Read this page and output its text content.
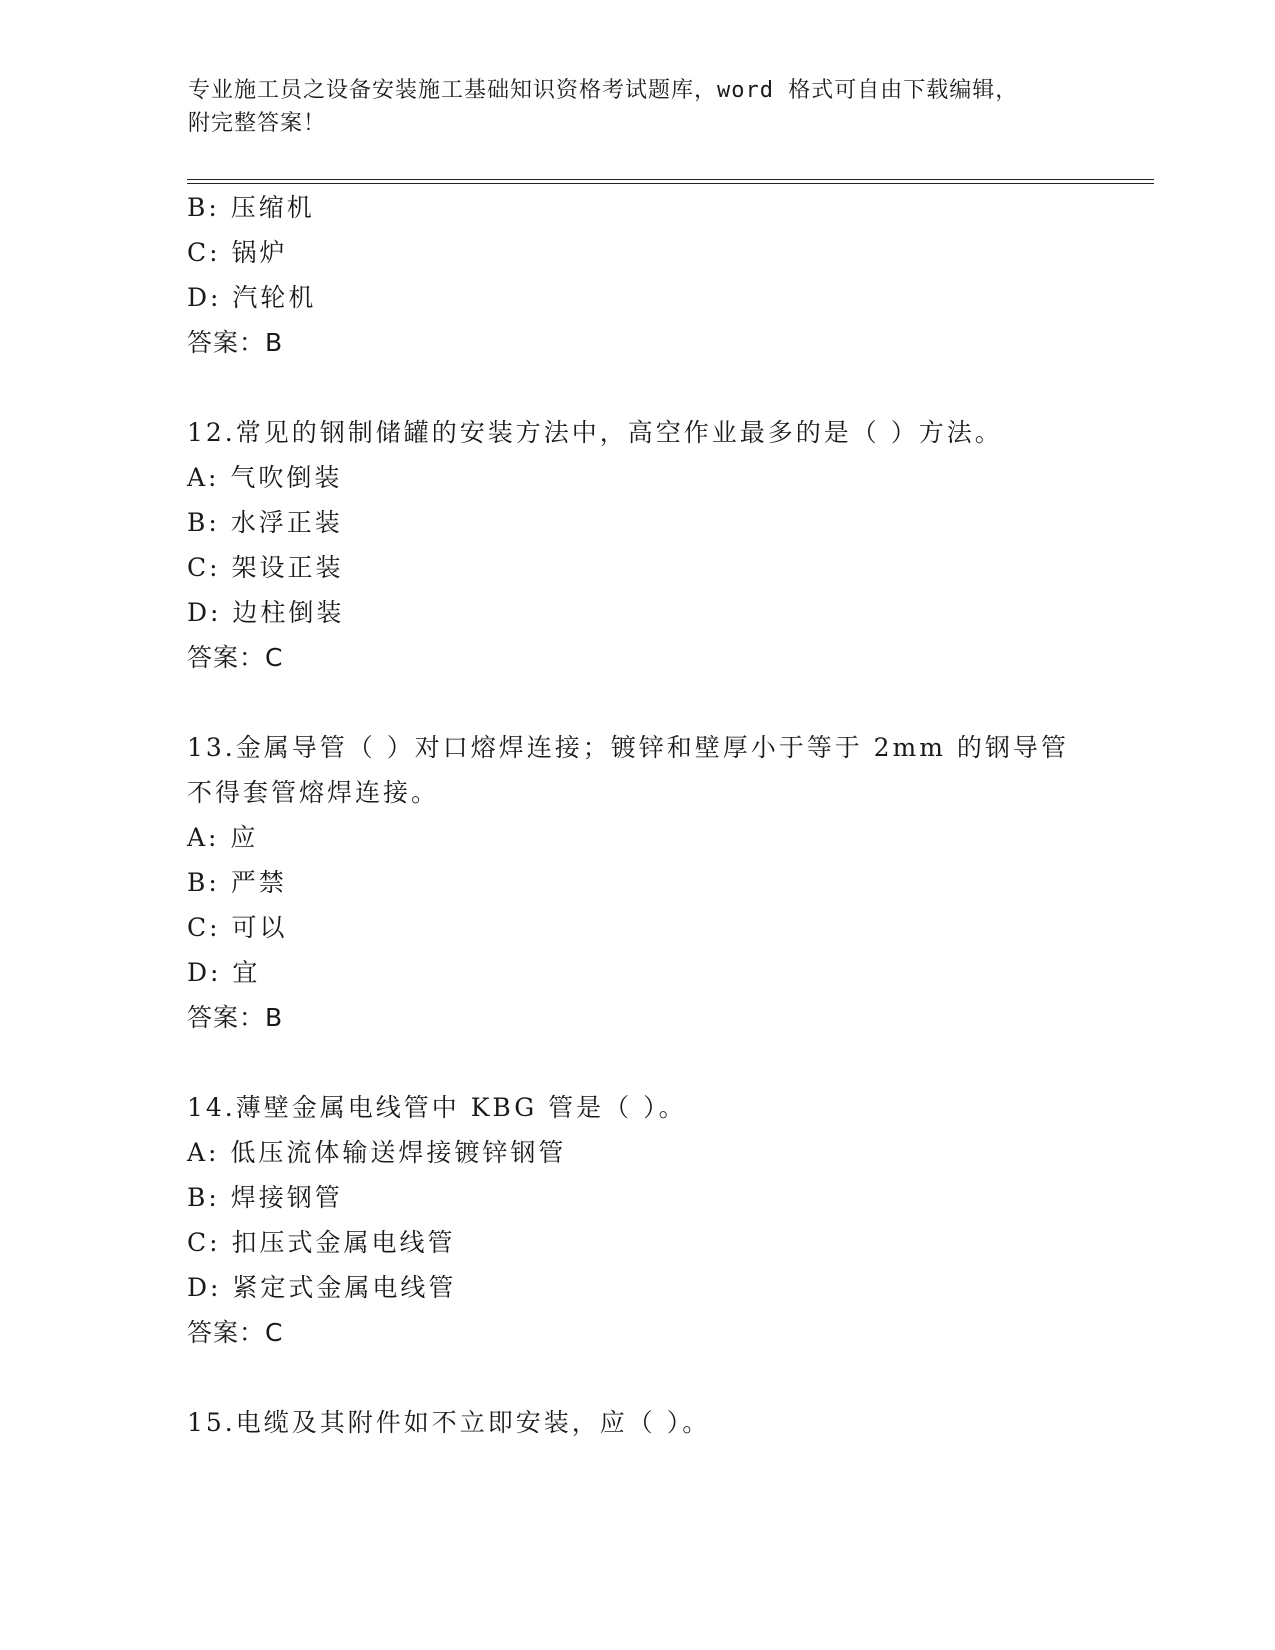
专业施工员之设备安装施工基础知识资格考试题库，word 格式可自由下载编辑，
附完整答案！
B: 压缩机
C: 锅炉
D: 汽轮机
答案：B
12.常见的钢制储罐的安装方法中，高空作业最多的是（ ）方法。
A: 气吹倒装
B: 水浮正装
C: 架设正装
D: 边柱倒装
答案：C
13.金属导管（ ）对口熔焊连接；镀锌和壁厚小于等于 2mm 的钢导管
不得套管熔焊连接。
A: 应
B: 严禁
C: 可以
D: 宜
答案：B
14.薄壁金属电线管中 KBG 管是（ ）。
A: 低压流体输送焊接镀锌钢管
B: 焊接钢管
C: 扣压式金属电线管
D: 紧定式金属电线管
答案：C
15.电缆及其附件如不立即安装，应（ ）。
